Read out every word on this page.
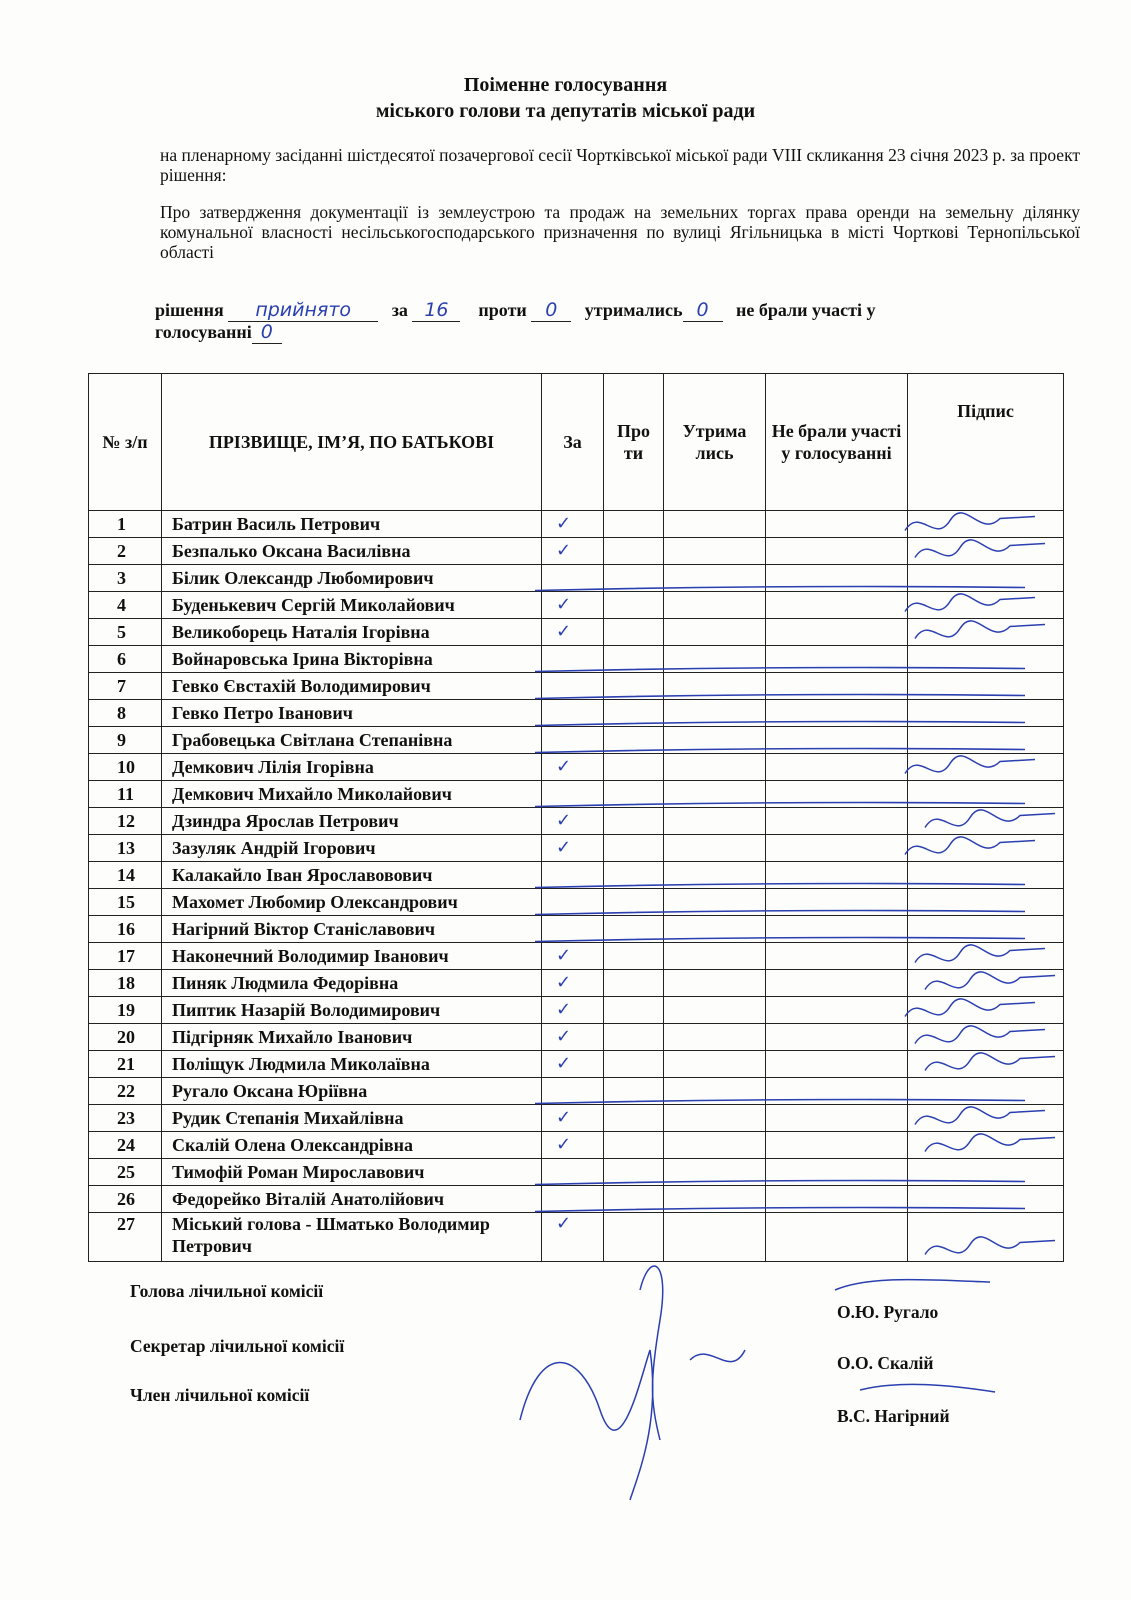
Поіменне голосування
міського голови та депутатів міської ради
на пленарному засіданні шістдесятої позачергової сесії Чортківської міської ради VIII скликання 23 січня 2023 р. за проект рішення:
Про затвердження документації із землеустрою та продаж на земельних торгах права оренди на земельну ділянку комунальної власності несільськогосподарського призначення по вулиці Ягільницька в місті Чорткові Тернопільської області
рішення прийнято за 16 проти 0 утримались 0 не брали участі у
голосуванні 0
№ з/п	ПРІЗВИЩЕ, ІМ’Я, ПО БАТЬКОВІ	За	Про ти	Утрима лись	Не брали участі у голосуванні	Підпис
1	Батрин Василь Петрович	✓				
2	Безпалько Оксана Василівна	✓				
3	Білик Олександр Любомирович					
4	Буденькевич Сергій Миколайович	✓				
5	Великоборець Наталія Ігорівна	✓				
6	Войнаровська Ірина Вікторівна					
7	Гевко Євстахій Володимирович					
8	Гевко Петро Іванович					
9	Грабовецька Світлана Степанівна					
10	Демкович Лілія Ігорівна	✓				
11	Демкович Михайло Миколайович					
12	Дзиндра Ярослав Петрович	✓				
13	Зазуляк Андрій Ігорович	✓				
14	Калакайло Іван Ярославовович					
15	Махомет Любомир Олександрович					
16	Нагірний Віктор Станіславович					
17	Наконечний Володимир Іванович	✓				
18	Пиняк Людмила Федорівна	✓				
19	Пиптик Назарій Володимирович	✓				
20	Підгірняк Михайло Іванович	✓				
21	Поліщук Людмила Миколаївна	✓				
22	Ругало Оксана Юріївна					
23	Рудик Степанія Михайлівна	✓				
24	Скалій Олена Олександрівна	✓				
25	Тимофій Роман Мирославович					
26	Федорейко Віталій Анатолійович					
27	Міський голова - Шматько Володимир Петрович	✓				
Голова лічильної комісії
Секретар лічильної комісії
Член лічильної комісії
О.Ю. Ругало
О.О. Скалій
В.С. Нагірний
